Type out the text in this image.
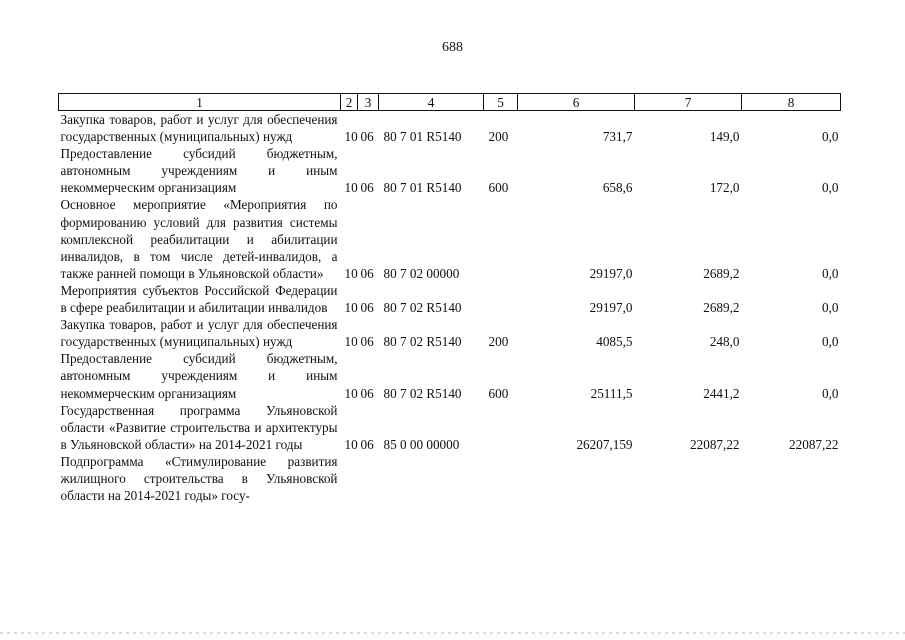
688
1	2	3	4	5	6	7	8
Закупка товаров, работ и услуг для обеспечения государственных (муниципальных) нужд	10	06	80 7 01 R5140	200	731,7	149,0	0,0
Предоставление субсидий бюджетным, автономным учреждениям и иным некоммерческим организациям	10	06	80 7 01 R5140	600	658,6	172,0	0,0
Основное мероприятие «Мероприятия по формированию условий для развития системы комплексной реабилитации и абилитации инвалидов, в том числе детей-инвалидов, а также ранней помощи в Ульяновской области»	10	06	80 7 02 00000		29197,0	2689,2	0,0
Мероприятия субъектов Российской Федерации в сфере реабилитации и абилитации инвалидов	10	06	80 7 02 R5140		29197,0	2689,2	0,0
Закупка товаров, работ и услуг для обеспечения государственных (муниципальных) нужд	10	06	80 7 02 R5140	200	4085,5	248,0	0,0
Предоставление субсидий бюджетным, автономным учреждениям и иным некоммерческим организациям	10	06	80 7 02 R5140	600	25111,5	2441,2	0,0
Государственная программа Ульяновской области «Развитие строительства и архитектуры в Ульяновской области» на 2014-2021 годы	10	06	85 0 00 00000		26207,159	22087,22	22087,22
Подпрограмма «Стимулирование развития жилищного строительства в Ульяновской области на 2014-2021 годы» госу-							
